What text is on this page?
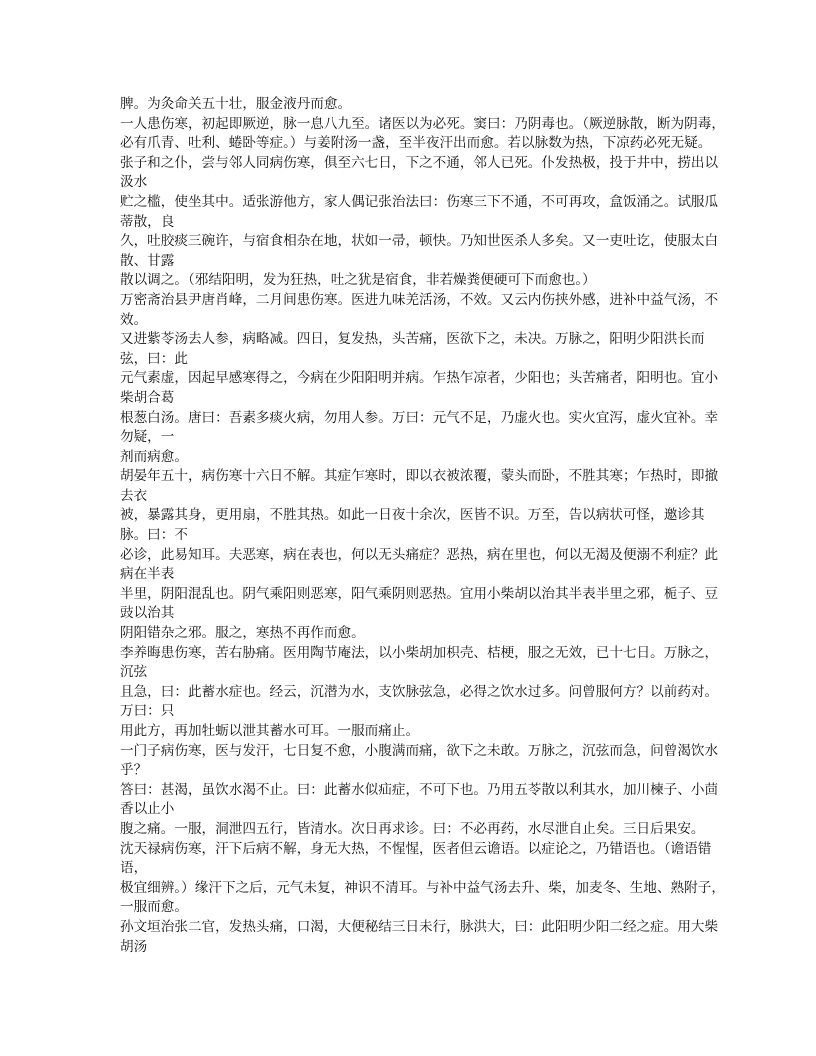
脾。为灸命关五十壮，服金液丹而愈。

一人患伤寒，初起即厥逆，脉一息八九至。诸医以为必死。窦曰：乃阴毒也。（厥逆脉散，断为阴毒，

必有爪青、吐利、蜷卧等症。）与姜附汤一盏，至半夜汗出而愈。若以脉数为热，下凉药必死无疑。

张子和之仆，尝与邻人同病伤寒，俱至六七日，下之不通，邻人已死。仆发热极，投于井中，捞出以汲水

贮之槛，使坐其中。适张游他方，家人偶记张治法曰：伤寒三下不通，不可再攻，盒饭涌之。试服瓜蒂散，良

久，吐胶痰三碗许，与宿食相杂在地，状如一帚，顿快。乃知世医杀人多矣。又一吏吐讫，使服太白散、甘露

散以调之。（邪结阳明，发为狂热，吐之犹是宿食，非若燥粪便硬可下而愈也。）

万密斋治县尹唐肖峰，二月间患伤寒。医进九味羌活汤，不效。又云内伤挟外感，进补中益气汤，不效。

又进紫苓汤去人参，病略减。四日，复发热，头苦痛，医欲下之，未决。万脉之，阳明少阳洪长而弦，曰：此

元气素虚，因起早感寒得之，今病在少阳阳明并病。乍热乍凉者，少阳也；头苦痛者，阳明也。宜小柴胡合葛

根葱白汤。唐曰：吾素多痰火病，勿用人参。万曰：元气不足，乃虚火也。实火宜泻，虚火宜补。幸勿疑，一

剂而病愈。

胡晏年五十，病伤寒十六日不解。其症乍寒时，即以衣被浓覆，蒙头而卧，不胜其寒；乍热时，即撤去衣

被，暴露其身，更用扇，不胜其热。如此一日夜十余次，医皆不识。万至，告以病状可怪，邀诊其脉。曰：不

必诊，此易知耳。夫恶寒，病在表也，何以无头痛症？恶热，病在里也，何以无渴及便溺不利症？此病在半表

半里，阴阳混乱也。阴气乘阳则恶寒，阳气乘阴则恶热。宜用小柴胡以治其半表半里之邪，栀子、豆豉以治其

阴阳错杂之邪。服之，寒热不再作而愈。

李养晦患伤寒，苦右胁痛。医用陶节庵法，以小柴胡加枳壳、桔梗，服之无效，已十七日。万脉之，沉弦

且急，曰：此蓄水症也。经云，沉潜为水，支饮脉弦急，必得之饮水过多。问曾服何方？以前药对。万曰：只

用此方，再加牡蛎以泄其蓄水可耳。一服而痛止。

一门子病伤寒，医与发汗，七日复不愈，小腹满而痛，欲下之未敢。万脉之，沉弦而急，问曾渴饮水乎？

答曰：甚渴，虽饮水渴不止。曰：此蓄水似疝症，不可下也。乃用五苓散以利其水，加川楝子、小茴香以止小

腹之痛。一服，洞泄四五行，皆清水。次日再求诊。曰：不必再药，水尽泄自止矣。三日后果安。

沈天禄病伤寒，汗下后病不解，身无大热，不惺惺，医者但云谵语。以症论之，乃错语也。（谵语错语，

极宜细辨。）缘汗下之后，元气未复，神识不清耳。与补中益气汤去升、柴，加麦冬、生地、熟附子，一服而愈。

孙文垣治张二官，发热头痛，口渴，大便秘结三日未行，脉洪大，曰：此阳明少阳二经之症。用大柴胡汤
